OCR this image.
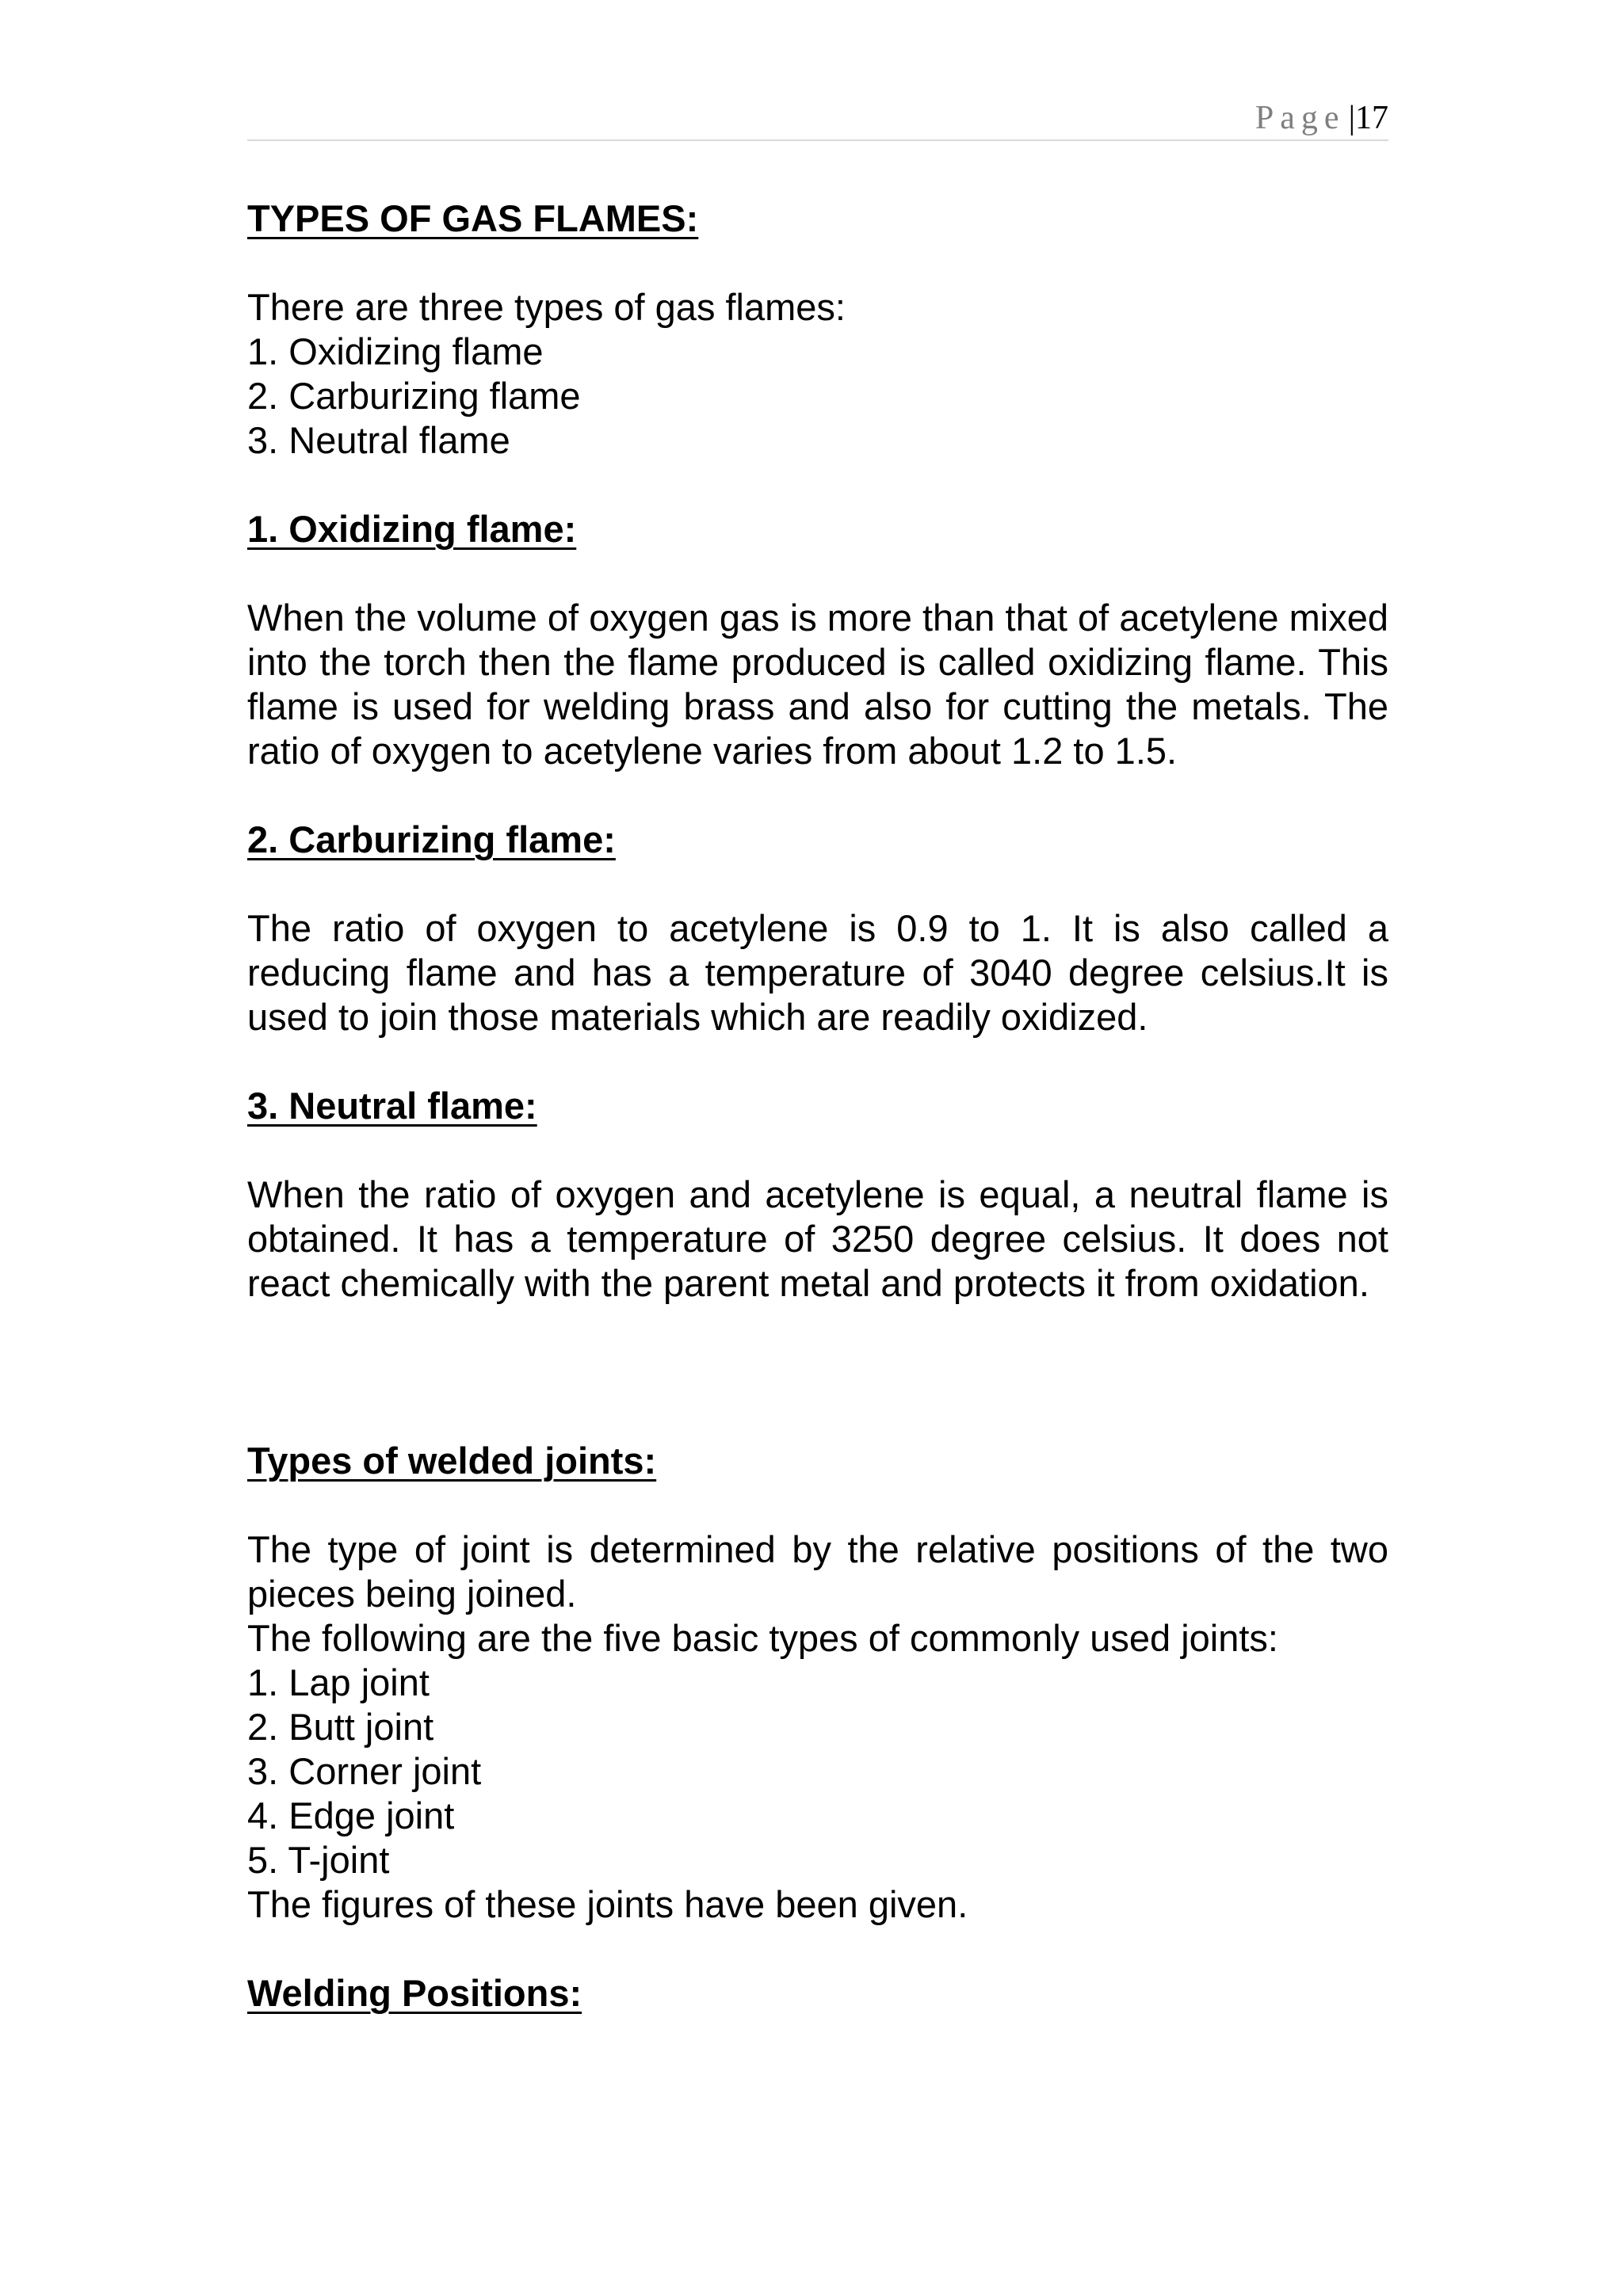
Page|17

TYPES OF GAS FLAMES:

There are three types of gas flames:

1. Oxidizing flame

2. Carburizing flame

3. Neutral flame

1. Oxidizing flame:

When the volume of oxygen gas is more than that of acetylene mixed into the torch then the flame produced is called oxidizing flame. This flame is used for welding brass and also for cutting the metals. The ratio of oxygen to acetylene varies from about 1.2 to 1.5.

2. Carburizing flame:

The ratio of oxygen to acetylene is 0.9 to 1. It is also called a reducing flame and has a temperature of 3040 degree celsius.It is used to join those materials which are readily oxidized.

3. Neutral flame:

When the ratio of oxygen and acetylene is equal, a neutral flame is obtained. It has a temperature of 3250 degree celsius. It does not react chemically with the parent metal and protects it from oxidation.

Types of welded joints:

The type of joint is determined by the relative positions of the two pieces being joined.

The following are the five basic types of commonly used joints:

1. Lap joint

2. Butt joint

3. Corner joint

4. Edge joint

5. T-joint

The figures of these joints have been given.

Welding Positions:
